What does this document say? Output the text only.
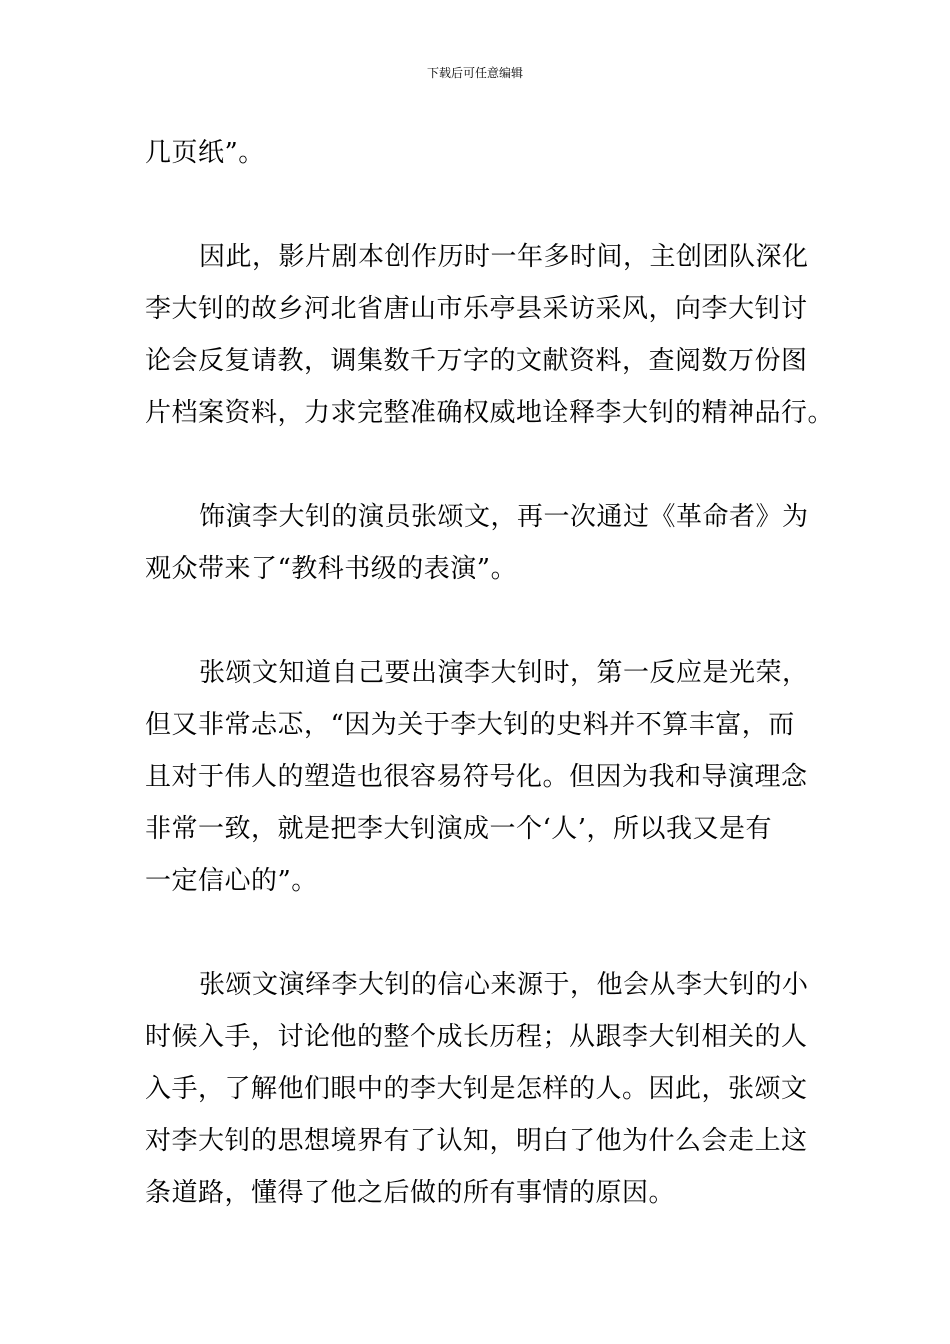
下载后可任意编辑

几页纸”。

因此，影片剧本创作历时一年多时间，主创团队深化
李大钊的故乡河北省唐山市乐亭县采访采风，向李大钊讨
论会反复请教，调集数千万字的文献资料，查阅数万份图
片档案资料，力求完整准确权威地诠释李大钊的精神品行。

饰演李大钊的演员张颂文，再一次通过《革命者》为
观众带来了“教科书级的表演”。

张颂文知道自己要出演李大钊时，第一反应是光荣，
但又非常忐忑，“因为关于李大钊的史料并不算丰富，而
且对于伟人的塑造也很容易符号化。但因为我和导演理念
非常一致，就是把李大钊演成一个‘人’，所以我又是有
一定信心的”。

张颂文演绎李大钊的信心来源于，他会从李大钊的小
时候入手，讨论他的整个成长历程；从跟李大钊相关的人
入手，了解他们眼中的李大钊是怎样的人。因此，张颂文
对李大钊的思想境界有了认知，明白了他为什么会走上这
条道路，懂得了他之后做的所有事情的原因。
